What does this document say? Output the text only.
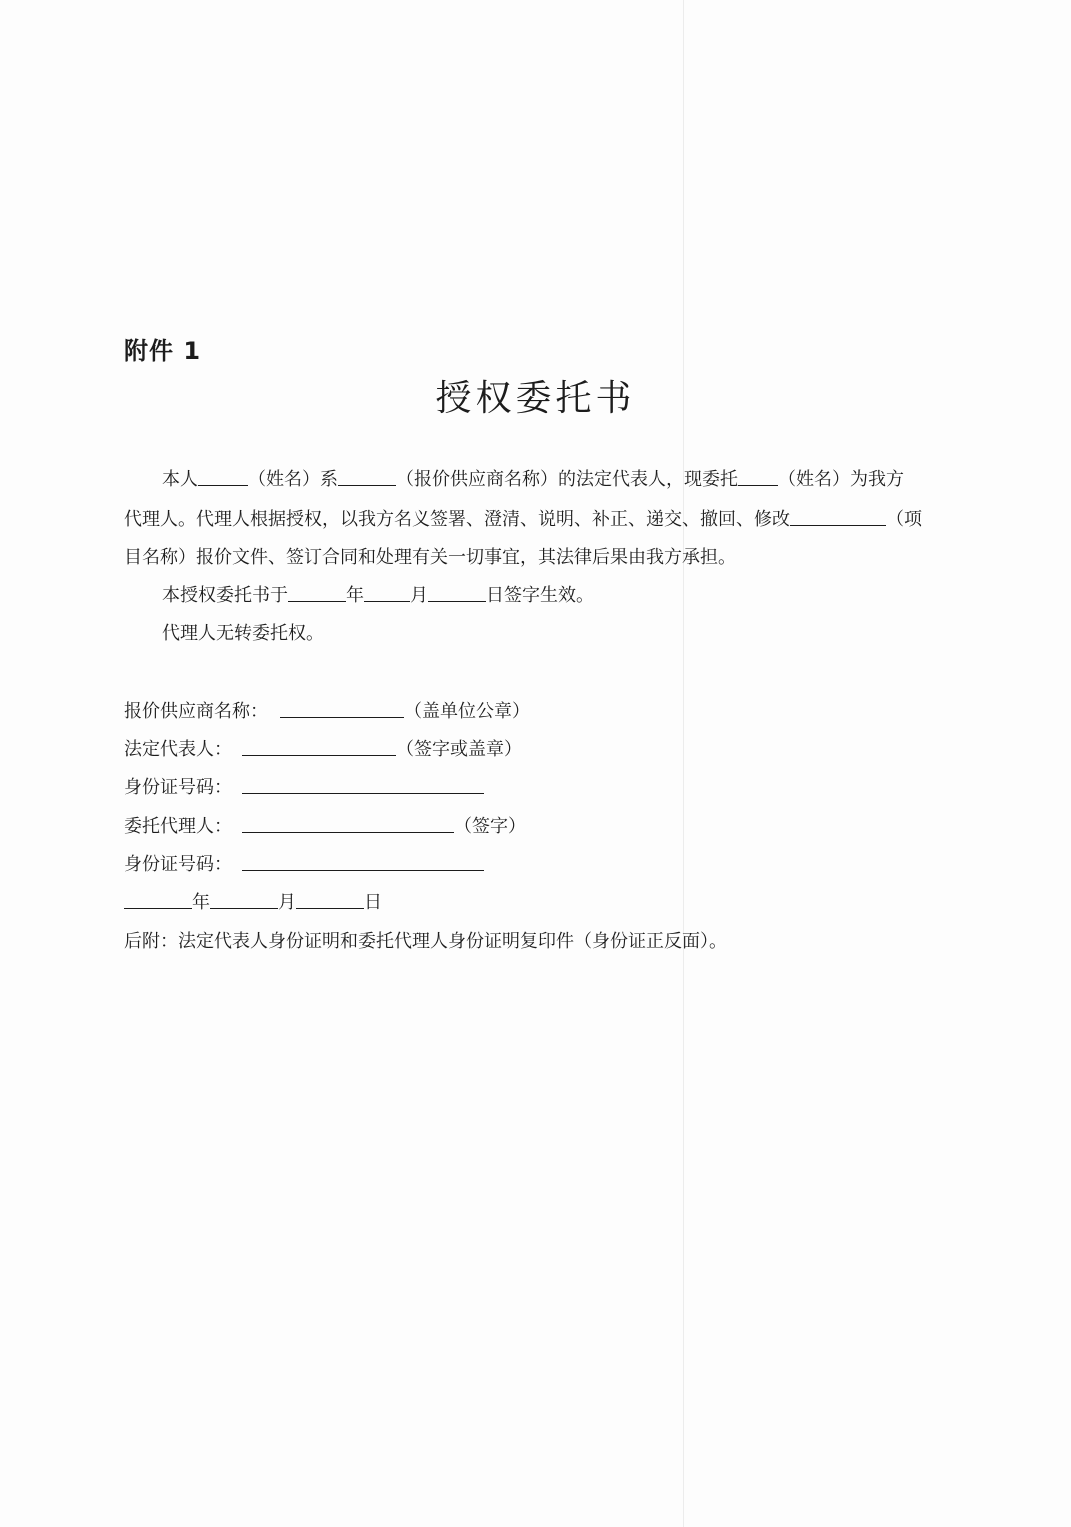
附件 1
授权委托书
本人	（姓名）系	（报价供应商名称）的法定代表人，现委托 （姓名）为我方
代理人。代理人根据授权，以我方名义签署、澄清、说明、补正、递交、撤回、修改	（项
目名称）报价文件、签订合同和处理有关一切事宜，其法律后果由我方承担。
本授权委托书于	年	月	日签字生效。
代理人无转委托权。
报价供应商名称：	（盖单位公章）
法定代表人：	（签字或盖章）
身份证号码：
委托代理人：	（签字）
身份证号码：
年	月	日
后附：法定代表人身份证明和委托代理人身份证明复印件（身份证正反面）。
